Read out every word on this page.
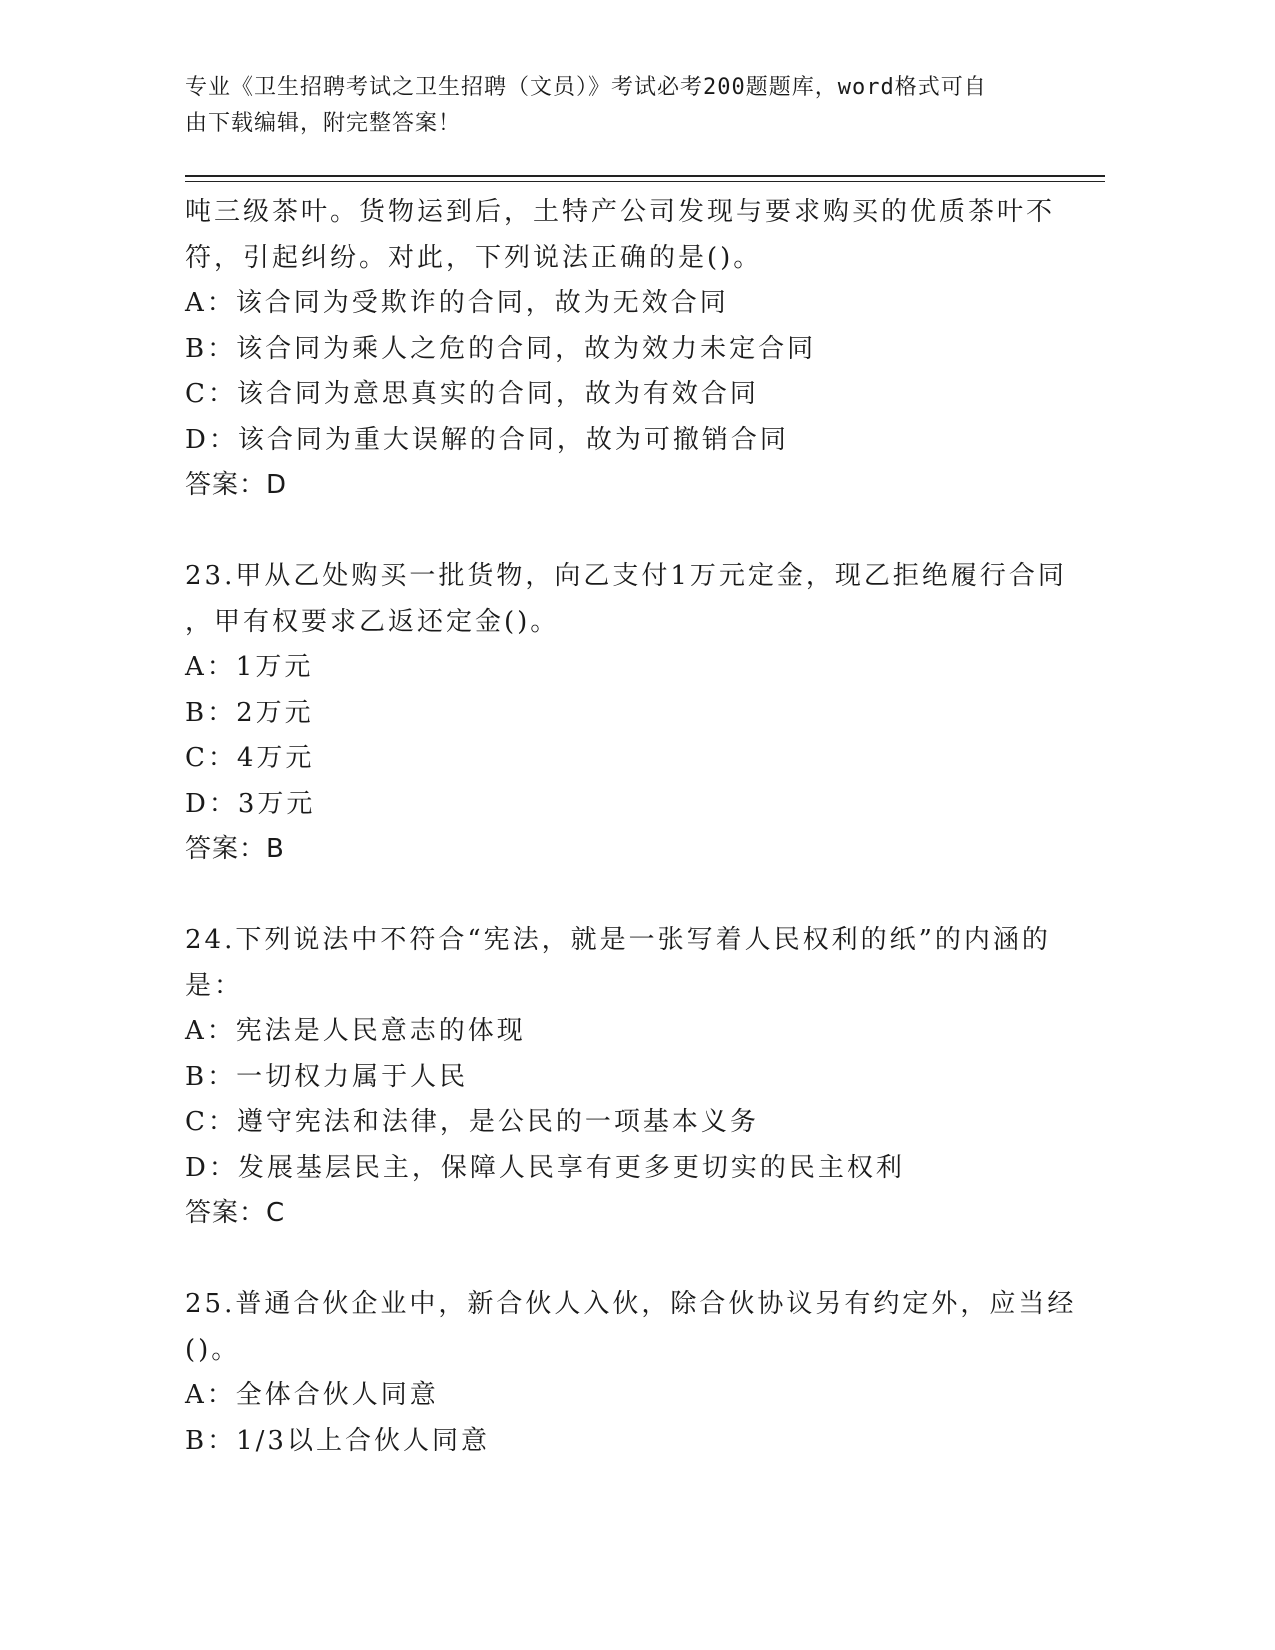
专业《卫生招聘考试之卫生招聘（文员）》考试必考200题题库，word格式可自
由下载编辑，附完整答案！
吨三级茶叶。货物运到后，土特产公司发现与要求购买的优质茶叶不
符，引起纠纷。对此，下列说法正确的是()。
A：该合同为受欺诈的合同，故为无效合同
B：该合同为乘人之危的合同，故为效力未定合同
C：该合同为意思真实的合同，故为有效合同
D：该合同为重大误解的合同，故为可撤销合同
答案：D
23.甲从乙处购买一批货物，向乙支付1万元定金，现乙拒绝履行合同
，甲有权要求乙返还定金()。
A：1万元
B：2万元
C：4万元
D：3万元
答案：B
24.下列说法中不符合“宪法，就是一张写着人民权利的纸”的内涵的
是：
A：宪法是人民意志的体现
B：一切权力属于人民
C：遵守宪法和法律，是公民的一项基本义务
D：发展基层民主，保障人民享有更多更切实的民主权利
答案：C
25.普通合伙企业中，新合伙人入伙，除合伙协议另有约定外，应当经
()。
A：全体合伙人同意
B：1/3以上合伙人同意
